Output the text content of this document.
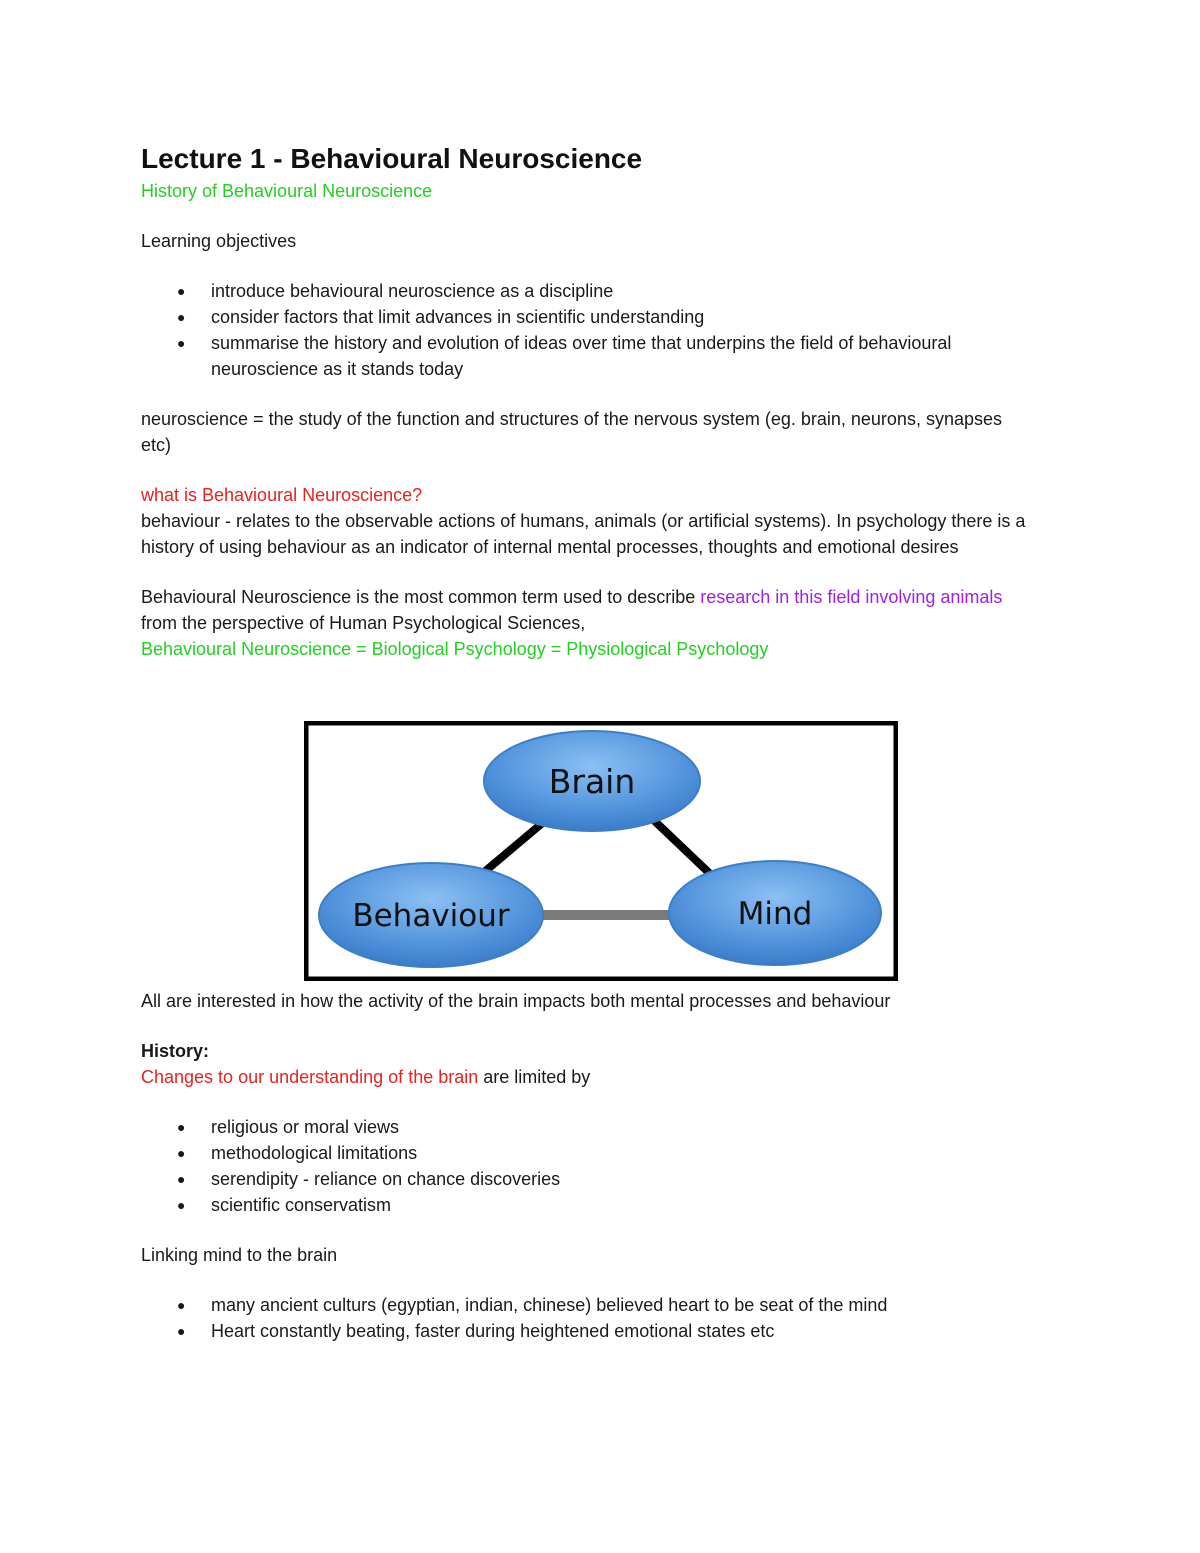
Lecture 1 - Behavioural Neuroscience

History of Behavioural Neuroscience

Learning objectives

● introduce behavioural neuroscience as a discipline
● consider factors that limit advances in scientific understanding
● summarise the history and evolution of ideas over time that underpins the field of behavioural neuroscience as it stands today

neuroscience = the study of the function and structures of the nervous system (eg. brain, neurons, synapses etc)

what is Behavioural Neuroscience?

behaviour - relates to the observable actions of humans, animals (or artificial systems). In psychology there is a history of using behaviour as an indicator of internal mental processes, thoughts and emotional desires

Behavioural Neuroscience is the most common term used to describe research in this field involving animals

from the perspective of Human Psychological Sciences,

Behavioural Neuroscience = Biological Psychology = Physiological Psychology

Brain
Behaviour	Mind

All are interested in how the activity of the brain impacts both mental processes and behaviour

History:

Changes to our understanding of the brain are limited by

● religious or moral views
● methodological limitations
● serendipity - reliance on chance discoveries
● scientific conservatism

Linking mind to the brain

● many ancient culturs (egyptian, indian, chinese) believed heart to be seat of the mind
● Heart constantly beating, faster during heightened emotional states etc
